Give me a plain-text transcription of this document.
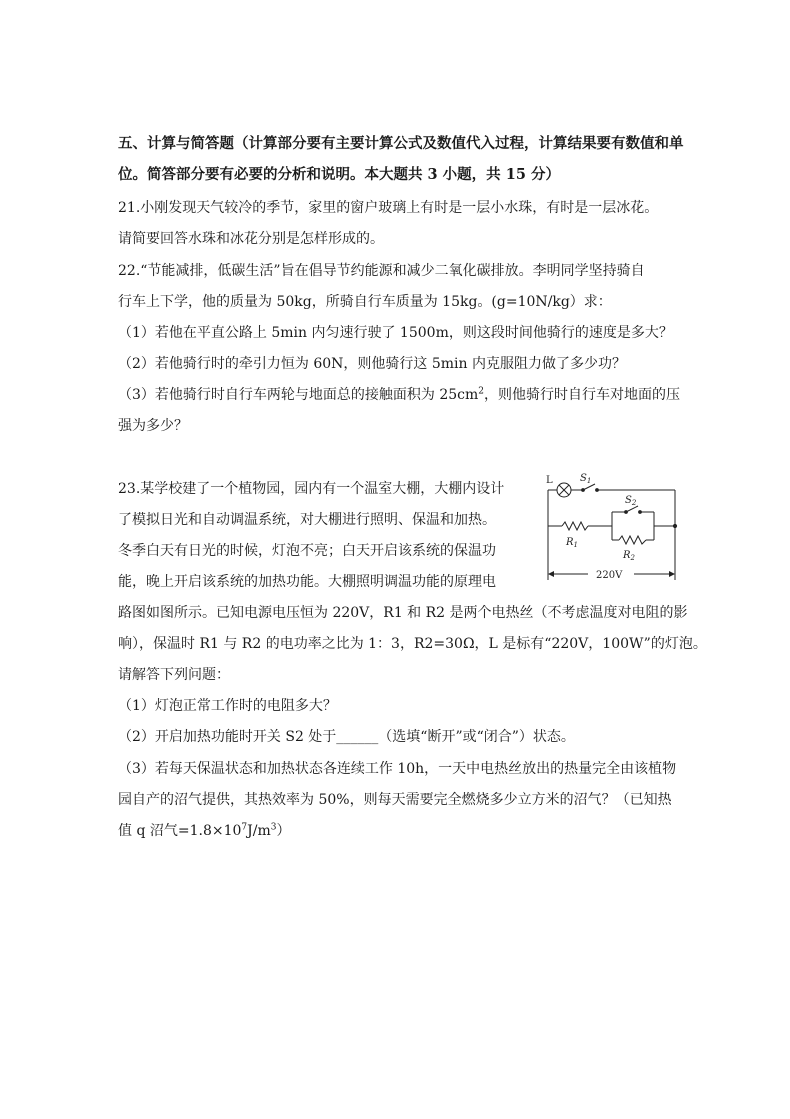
五、计算与简答题（计算部分要有主要计算公式及数值代入过程，计算结果要有数值和单
位。简答部分要有必要的分析和说明。本大题共 3 小题，共 15 分）
21.小刚发现天气较冷的季节，家里的窗户玻璃上有时是一层小水珠，有时是一层冰花。
请简要回答水珠和冰花分别是怎样形成的。
22.“节能减排，低碳生活”旨在倡导节约能源和减少二氧化碳排放。李明同学坚持骑自
行车上下学，他的质量为 50kg，所骑自行车质量为 15kg。(g=10N/kg）求：
（1）若他在平直公路上 5min 内匀速行驶了 1500m，则这段时间他骑行的速度是多大？
（2）若他骑行时的牵引力恒为 60N，则他骑行这 5min 内克服阻力做了多少功？
（3）若他骑行时自行车两轮与地面总的接触面积为 $25cm^2$，则他骑行时自行车对地面的压
强为多少？
23.某学校建了一个植物园，园内有一个温室大棚，大棚内设计
了模拟日光和自动调温系统，对大棚进行照明、保温和加热。
冬季白天有日光的时候，灯泡不亮；白天开启该系统的保温功
能，晚上开启该系统的加热功能。大棚照明调温功能的原理电
路图如图所示。已知电源电压恒为 220V，R1 和 R2 是两个电热丝（不考虑温度对电阻的影
响），保温时 R1 与 R2 的电功率之比为 1：3，R2=30Ω，L 是标有“220V，100W”的灯泡。
请解答下列问题：
（1）灯泡正常工作时的电阻多大？
（2）开启加热功能时开关 S2 处于______（选填“断开”或“闭合”）状态。
（3）若每天保温状态和加热状态各连续工作 10h，一天中电热丝放出的热量完全由该植物
园自产的沼气提供，其热效率为 50%，则每天需要完全燃烧多少立方米的沼气？（已知热
值 q 沼气$=1.8\times 10^7J/m^3$）
L	$S_1$
$S_2$
$R_1$
$R_2$
220V
